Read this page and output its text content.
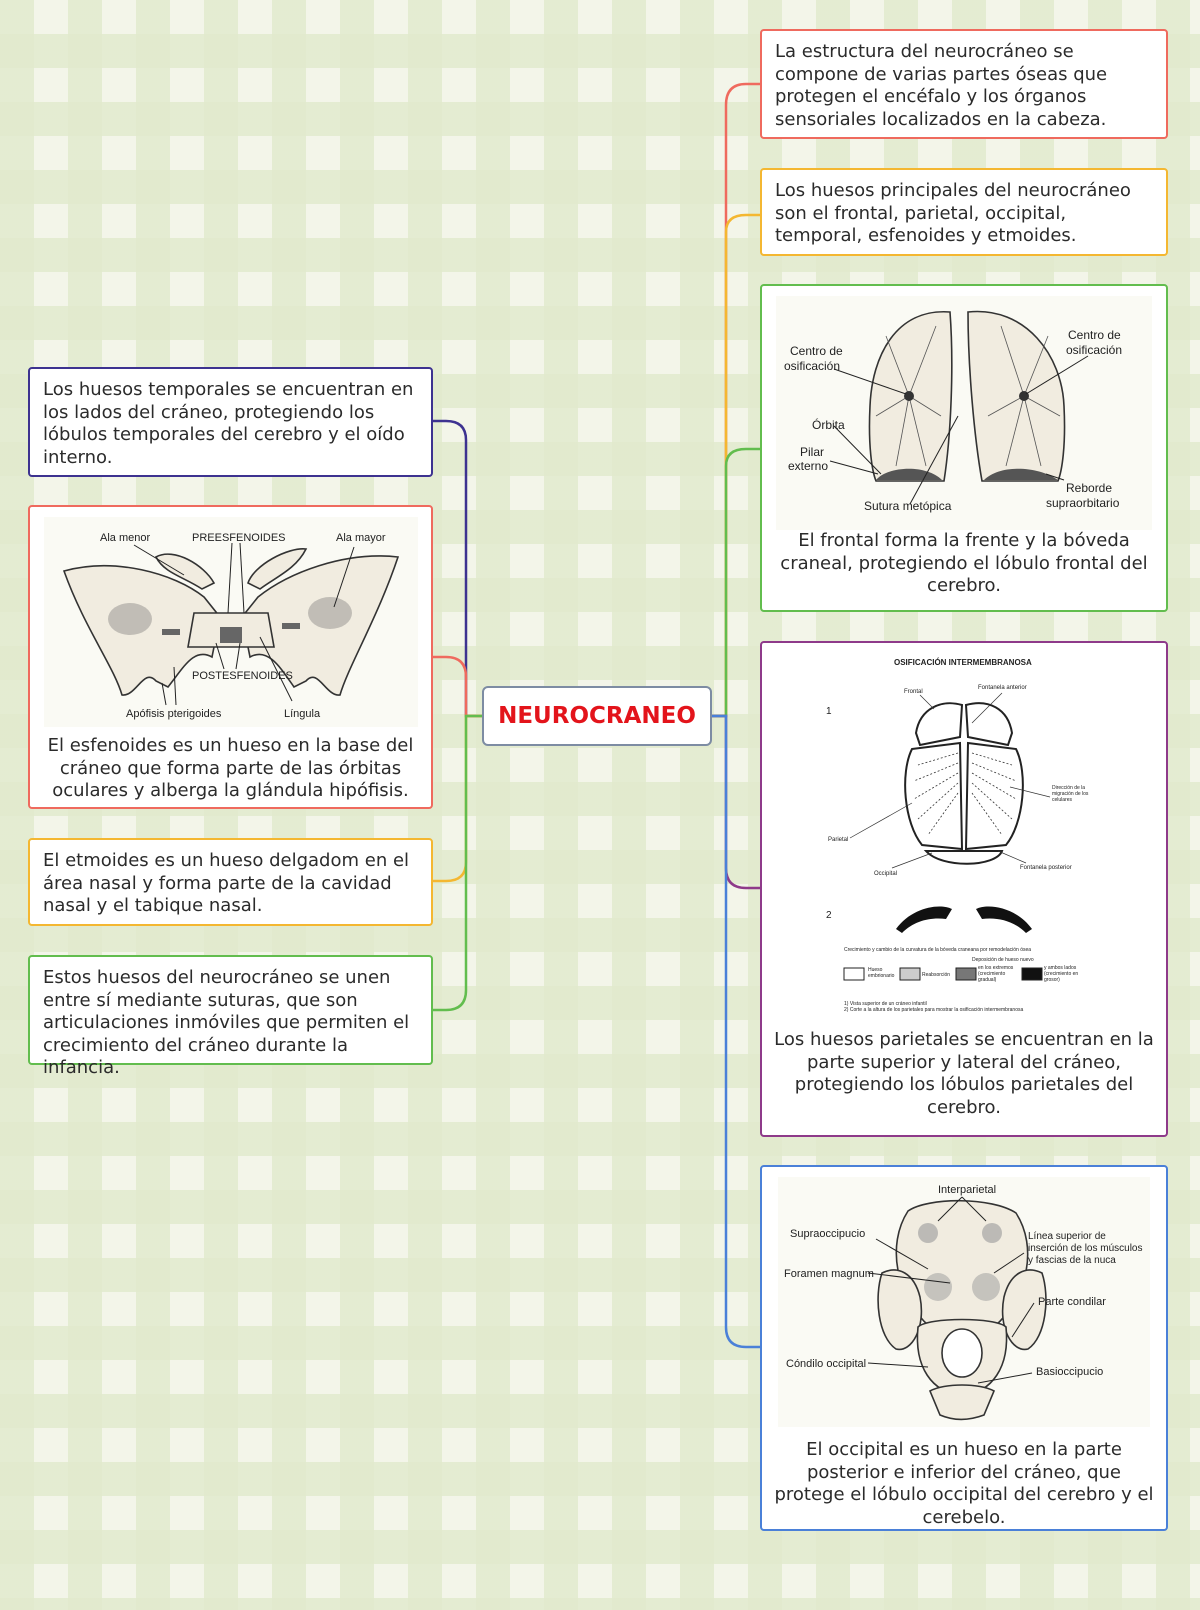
NEUROCRANEO
La estructura del neurocráneo se compone de varias partes óseas que protegen el encéfalo y los órganos sensoriales localizados en la cabeza.
Los huesos principales del neurocráneo son el frontal, parietal, occipital, temporal, esfenoides y etmoides.
Centro de
osificación
Centro de
osificación
Órbita
Pilar
externo
Reborde
supraorbitario
Sutura metópica
El frontal forma la frente y la bóveda craneal, protegiendo el lóbulo frontal del cerebro.
OSIFICACIÓN INTERMEMBRANOSA
1
2
Frontal
Fontanela anterior
Dirección de la
migración de los
celulares
Parietal
Occipital
Fontanela posterior
Crecimiento y cambio de la curvatura de la bóveda craneana por remodelación ósea
Deposición de hueso nuevo
Hueso
embrionario	Reabsorción
en los extremos
(crecimiento
gradual)
y ambos lados
(crecimiento en
grosor)
1) Vista superior de un cráneo infantil
2) Corte a la altura de los parietales para mostrar la osificación intermembranosa
Los huesos parietales se encuentran en la parte superior y lateral del cráneo, protegiendo los lóbulos parietales del cerebro.
Interparietal
Supraoccipucio
Foramen magnum
Línea superior de
inserción de los músculos
y fascias de la nuca
Parte condilar
Cóndilo occipital
Basioccipucio
El occipital es un hueso en la parte posterior e inferior del cráneo, que protege el lóbulo occipital del cerebro y el cerebelo.
Los huesos temporales se encuentran en los lados del cráneo, protegiendo los lóbulos temporales del cerebro y el oído interno.
Ala menor	PREESFENOIDES	Ala mayor
POSTESFENOIDES
Apófisis pterigoides	Língula
El esfenoides es un hueso en la base del cráneo que forma parte de las órbitas oculares y alberga la glándula hipófisis.
El etmoides es un hueso delgadom en el área nasal y forma parte de la cavidad nasal y el tabique nasal.
Estos huesos del neurocráneo se unen entre sí mediante suturas, que son articulaciones inmóviles que permiten el crecimiento del cráneo durante la infancia.
